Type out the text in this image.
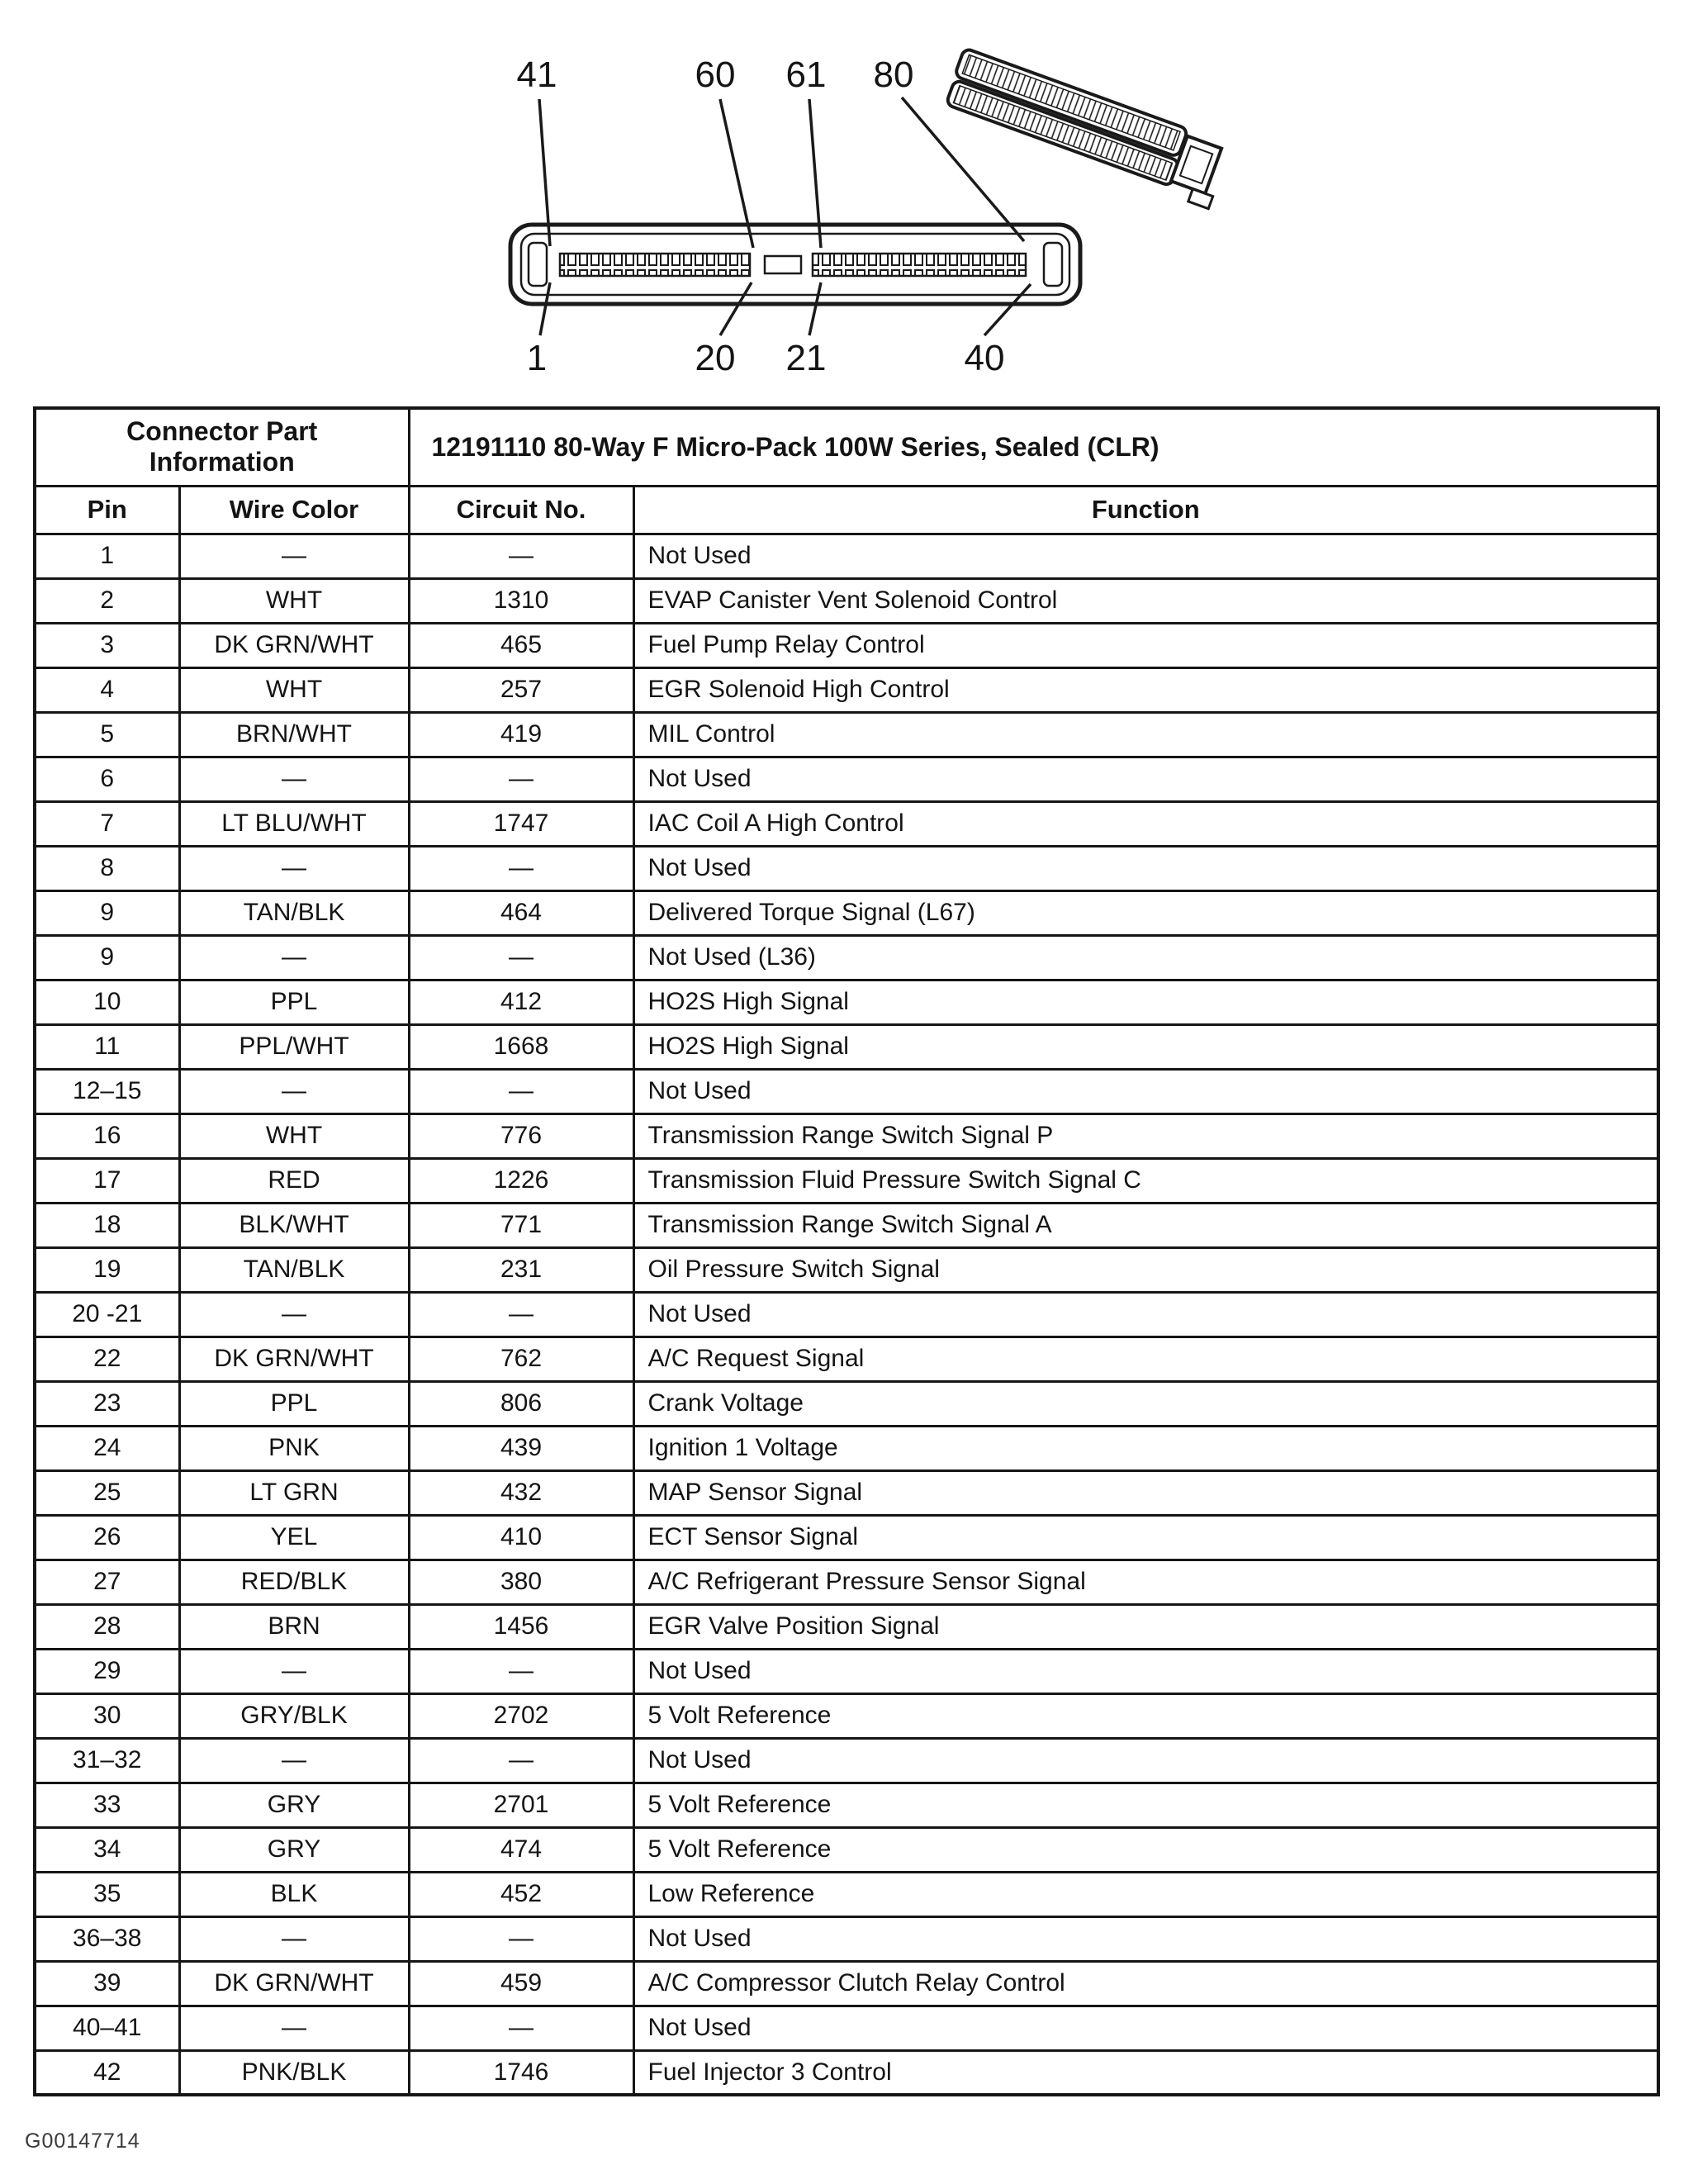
41	60 61 80
1	20 21	40
Connector Part Information		12191110 80-Way F Micro-Pack 100W Series, Sealed (CLR)	
Pin	Wire Color	Circuit No.	Function
1	—	—	Not Used
2	WHT	1310	EVAP Canister Vent Solenoid Control
3	DK GRN/WHT	465	Fuel Pump Relay Control
4	WHT	257	EGR Solenoid High Control
5	BRN/WHT	419	MIL Control
6	—	—	Not Used
7	LT BLU/WHT	1747	IAC Coil A High Control
8	—	—	Not Used
9	TAN/BLK	464	Delivered Torque Signal (L67)
9	—	—	Not Used (L36)
10	PPL	412	HO2S High Signal
11	PPL/WHT	1668	HO2S High Signal
12–15	—	—	Not Used
16	WHT	776	Transmission Range Switch Signal P
17	RED	1226	Transmission Fluid Pressure Switch Signal C
18	BLK/WHT	771	Transmission Range Switch Signal A
19	TAN/BLK	231	Oil Pressure Switch Signal
20 -21	—	—	Not Used
22	DK GRN/WHT	762	A/C Request Signal
23	PPL	806	Crank Voltage
24	PNK	439	Ignition 1 Voltage
25	LT GRN	432	MAP Sensor Signal
26	YEL	410	ECT Sensor Signal
27	RED/BLK	380	A/C Refrigerant Pressure Sensor Signal
28	BRN	1456	EGR Valve Position Signal
29	—	—	Not Used
30	GRY/BLK	2702	5 Volt Reference
31–32	—	—	Not Used
33	GRY	2701	5 Volt Reference
34	GRY	474	5 Volt Reference
35	BLK	452	Low Reference
36–38	—	—	Not Used
39	DK GRN/WHT	459	A/C Compressor Clutch Relay Control
40–41	—	—	Not Used
42	PNK/BLK	1746	Fuel Injector 3 Control
G00147714
